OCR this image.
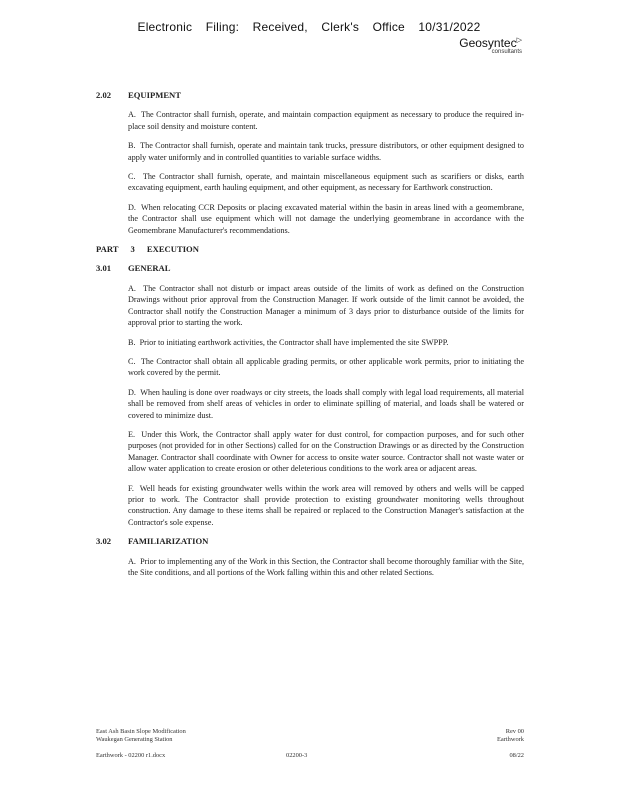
Electronic Filing: Received, Clerk's Office 10/31/2022
Geosyntec▷
consultants
2.02	EQUIPMENT
A.  The Contractor shall furnish, operate, and maintain compaction equipment as necessary to produce the required in-place soil density and moisture content.
B.  The Contractor shall furnish, operate and maintain tank trucks, pressure distributors, or other equipment designed to apply water uniformly and in controlled quantities to variable surface widths.
C.  The Contractor shall furnish, operate, and maintain miscellaneous equipment such as scarifiers or disks, earth excavating equipment, earth hauling equipment, and other equipment, as necessary for Earthwork construction.
D.  When relocating CCR Deposits or placing excavated material within the basin in areas lined with a geomembrane, the Contractor shall use equipment which will not damage the underlying geomembrane in accordance with the Geomembrane Manufacturer's recommendations.
PART 3 EXECUTION
3.01	GENERAL
A.  The Contractor shall not disturb or impact areas outside of the limits of work as defined on the Construction Drawings without prior approval from the Construction Manager. If work outside of the limit cannot be avoided, the Contractor shall notify the Construction Manager a minimum of 3 days prior to disturbance outside of the limits for approval prior to starting the work.
B.  Prior to initiating earthwork activities, the Contractor shall have implemented the site SWPPP.
C.  The Contractor shall obtain all applicable grading permits, or other applicable work permits, prior to initiating the work covered by the permit.
D.  When hauling is done over roadways or city streets, the loads shall comply with legal load requirements, all material shall be removed from shelf areas of vehicles in order to eliminate spilling of material, and loads shall be watered or covered to minimize dust.
E.  Under this Work, the Contractor shall apply water for dust control, for compaction purposes, and for such other purposes (not provided for in other Sections) called for on the Construction Drawings or as directed by the Construction Manager. Contractor shall coordinate with Owner for access to onsite water source. Contractor shall not waste water or allow water application to create erosion or other deleterious conditions to the work area or adjacent areas.
F.  Well heads for existing groundwater wells within the work area will removed by others and wells will be capped prior to work. The Contractor shall provide protection to existing groundwater monitoring wells throughout construction. Any damage to these items shall be repaired or replaced to the Construction Manager's satisfaction at the Contractor's sole expense.
3.02	FAMILIARIZATION
A.  Prior to implementing any of the Work in this Section, the Contractor shall become thoroughly familiar with the Site, the Site conditions, and all portions of the Work falling within this and other related Sections.
East Ash Basin Slope Modification	Rev 00
Waukegan Generating Station	Earthwork
Earthwork - 02200 r1.docx	08/22
02200-3
